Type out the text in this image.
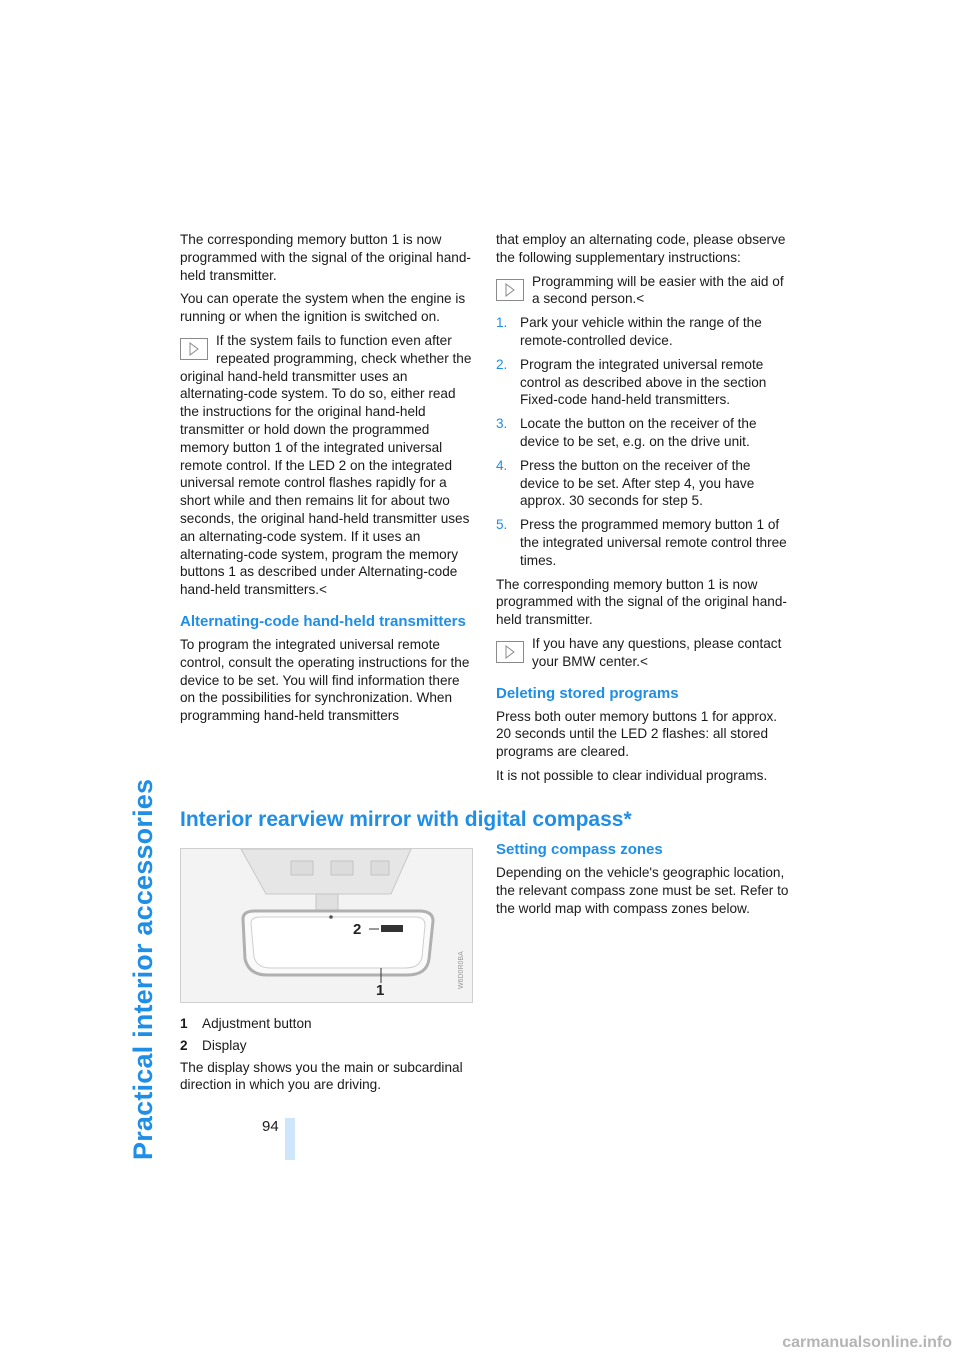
Practical interior accessories	94

The corresponding memory button 1 is now programmed with the signal of the original hand-held transmitter.

You can operate the system when the engine is running or when the ignition is switched on.

If the system fails to function even after repeated programming, check whether the original hand-held transmitter uses an alternating-code system. To do so, either read the instructions for the original hand-held transmitter or hold down the programmed memory button 1 of the integrated universal remote control. If the LED 2 on the integrated universal remote control flashes rapidly for a short while and then remains lit for about two seconds, the original hand-held transmitter uses an alternating-code system. If it uses an alternating-code system, program the memory buttons 1 as described under Alternating-code hand-held transmitters.<
Alternating-code hand-held transmitters

To program the integrated universal remote control, consult the operating instructions for the device to be set. You will find information there on the possibilities for synchronization. When programming hand-held transmitters

that employ an alternating code, please observe the following supplementary instructions:

Programming will be easier with the aid of a second person.<
1. Park your vehicle within the range of the remote-controlled device.
2. Program the integrated universal remote control as described above in the section Fixed-code hand-held transmitters.
3. Locate the button on the receiver of the device to be set, e.g. on the drive unit.
4. Press the button on the receiver of the device to be set. After step 4, you have approx. 30 seconds for step 5.
5. Press the programmed memory button 1 of the integrated universal remote control three times.

The corresponding memory button 1 is now programmed with the signal of the original hand-held transmitter.

If you have any questions, please contact your BMW center.<
Deleting stored programs

Press both outer memory buttons 1 for approx. 20 seconds until the LED 2 flashes: all stored programs are cleared.

It is not possible to clear individual programs.

Interior rearview mirror with digital compass*
2
1
W6D0R0BA
1 Adjustment button
2 Display

The display shows you the main or subcardinal direction in which you are driving.

Setting compass zones

Depending on the vehicle's geographic location, the relevant compass zone must be set. Refer to the world map with compass zones below.

carmanualsonline.info
